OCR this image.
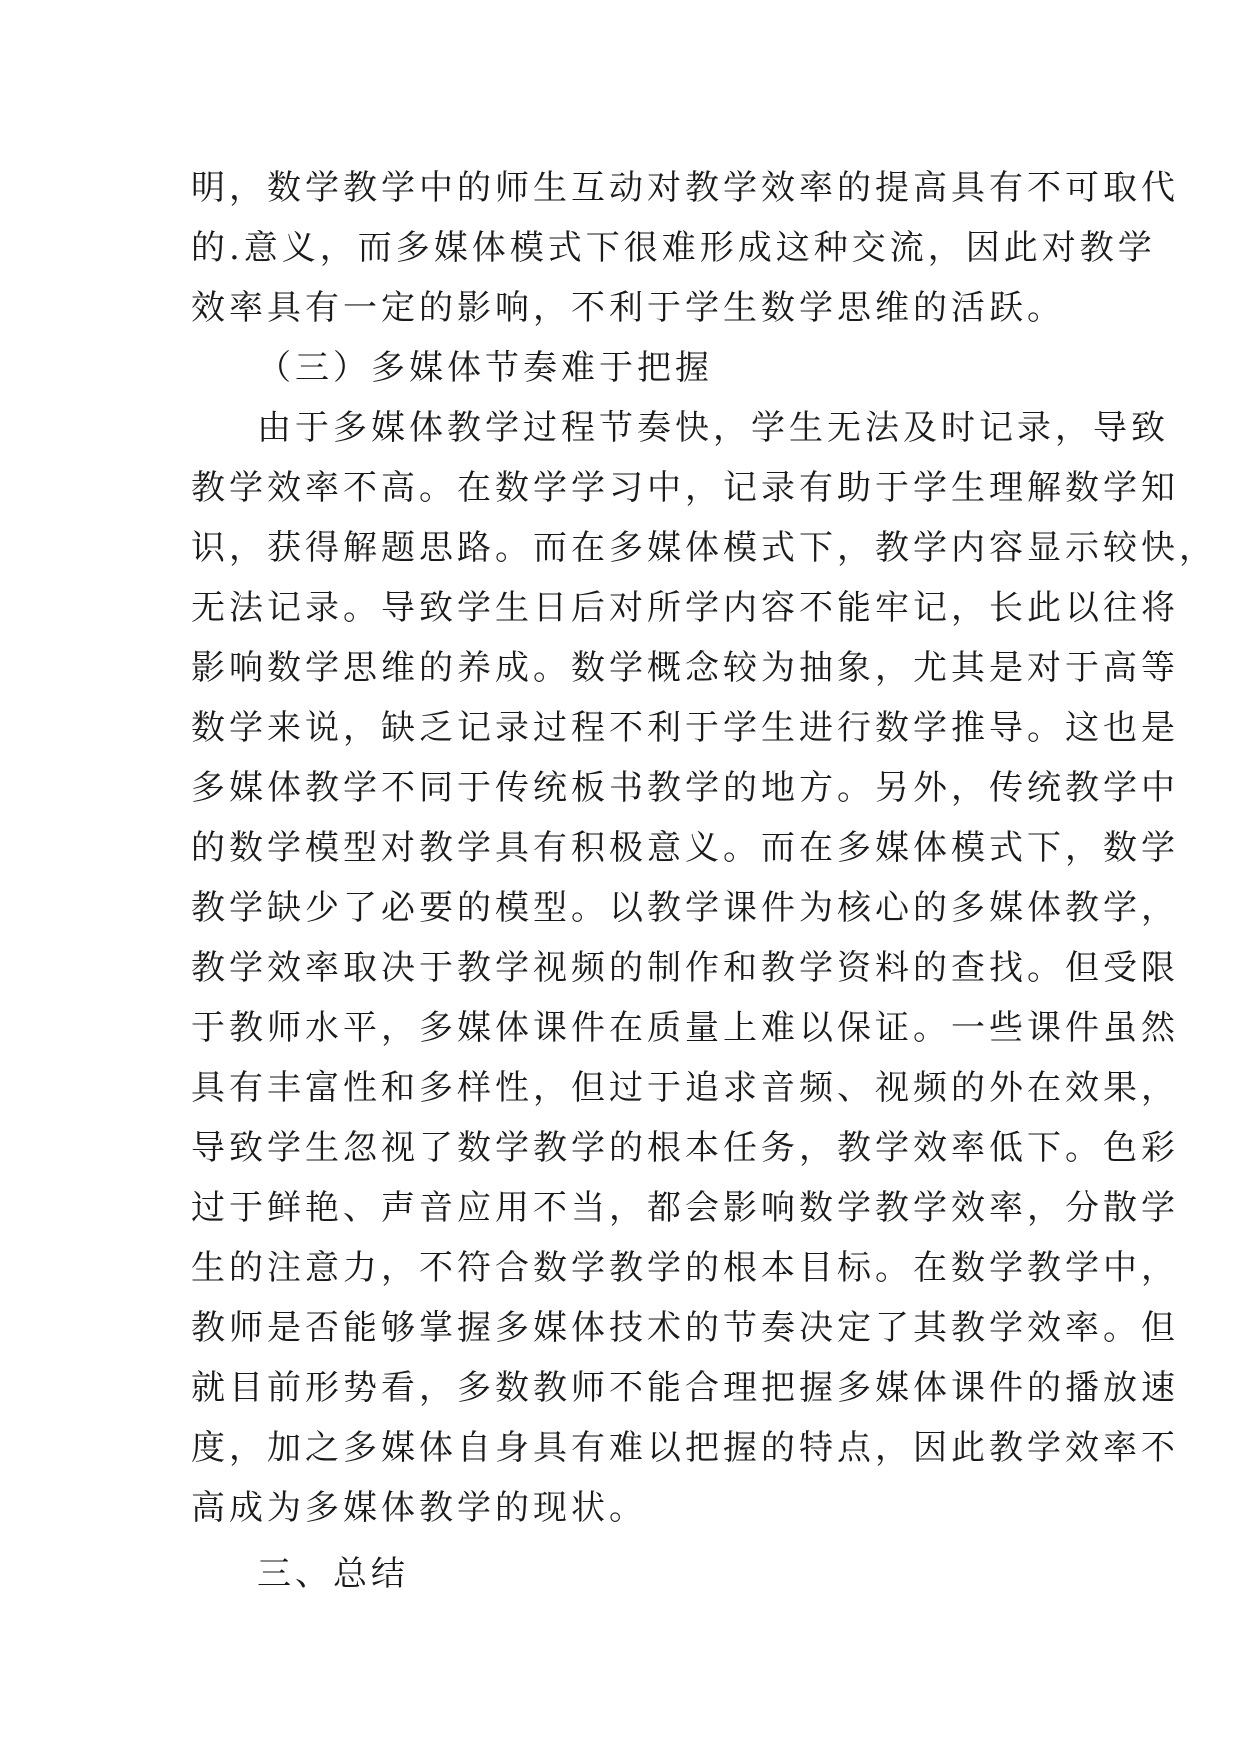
明，数学教学中的师生互动对教学效率的提高具有不可取代
的.意义，而多媒体模式下很难形成这种交流，因此对教学
效率具有一定的影响，不利于学生数学思维的活跃。
（三）多媒体节奏难于把握
由于多媒体教学过程节奏快，学生无法及时记录，导致
教学效率不高。在数学学习中，记录有助于学生理解数学知
识，获得解题思路。而在多媒体模式下，教学内容显示较快，
无法记录。导致学生日后对所学内容不能牢记，长此以往将
影响数学思维的养成。数学概念较为抽象，尤其是对于高等
数学来说，缺乏记录过程不利于学生进行数学推导。这也是
多媒体教学不同于传统板书教学的地方。另外，传统教学中
的数学模型对教学具有积极意义。而在多媒体模式下，数学
教学缺少了必要的模型。以教学课件为核心的多媒体教学，
教学效率取决于教学视频的制作和教学资料的查找。但受限
于教师水平，多媒体课件在质量上难以保证。一些课件虽然
具有丰富性和多样性，但过于追求音频、视频的外在效果，
导致学生忽视了数学教学的根本任务，教学效率低下。色彩
过于鲜艳、声音应用不当，都会影响数学教学效率，分散学
生的注意力，不符合数学教学的根本目标。在数学教学中，
教师是否能够掌握多媒体技术的节奏决定了其教学效率。但
就目前形势看，多数教师不能合理把握多媒体课件的播放速
度，加之多媒体自身具有难以把握的特点，因此教学效率不
高成为多媒体教学的现状。
三、总结
